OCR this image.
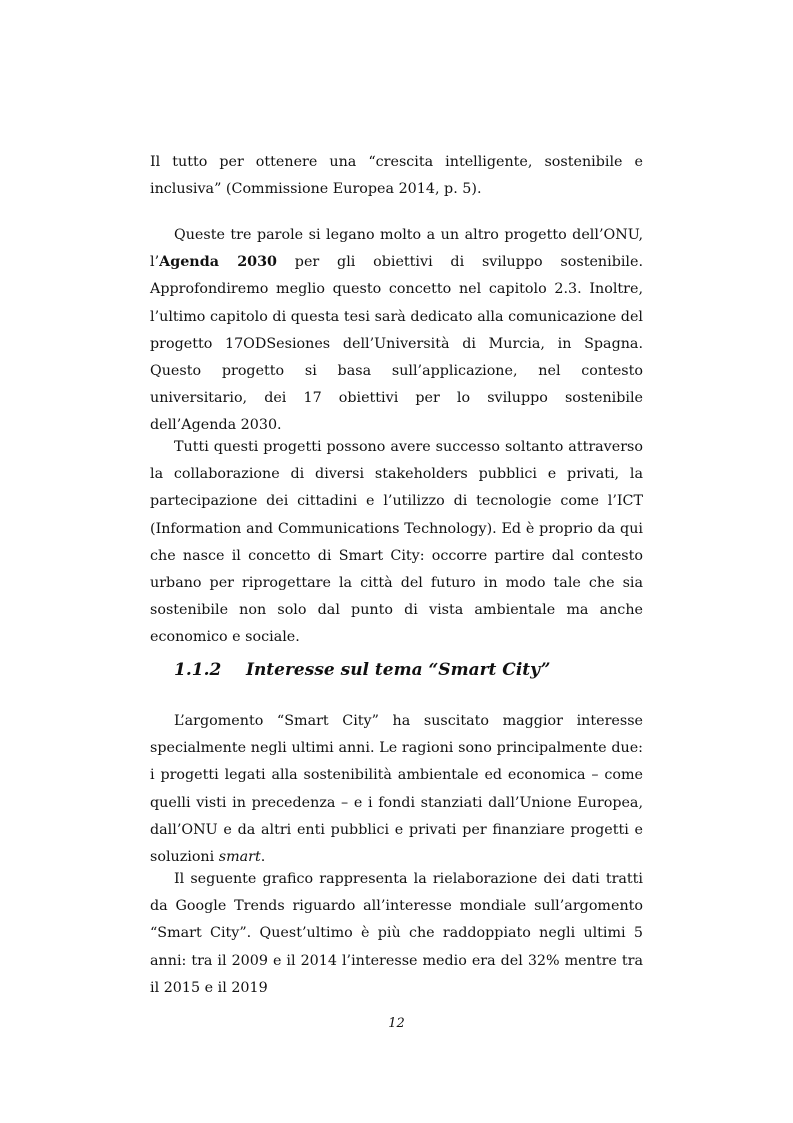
Il tutto per ottenere una “crescita intelligente, sostenibile e inclusiva” (Commissione Europea 2014, p. 5).

Queste tre parole si legano molto a un altro progetto dell’ONU, l’Agenda 2030 per gli obiettivi di sviluppo sostenibile. Approfondiremo meglio questo concetto nel capitolo 2.3. Inoltre, l’ultimo capitolo di questa tesi sarà dedicato alla comunicazione del progetto 17ODSesiones dell’Università di Murcia, in Spagna. Questo progetto si basa sull’applicazione, nel contesto universitario, dei 17 obiettivi per lo sviluppo sostenibile dell’Agenda 2030.

Tutti questi progetti possono avere successo soltanto attraverso la collaborazione di diversi stakeholders pubblici e privati, la partecipazione dei cittadini e l’utilizzo di tecnologie come l’ICT (Information and Communications Technology). Ed è proprio da qui che nasce il concetto di Smart City: occorre partire dal contesto urbano per riprogettare la città del futuro in modo tale che sia sostenibile non solo dal punto di vista ambientale ma anche economico e sociale.

1.1.2 Interesse sul tema “Smart City”

L’argomento “Smart City” ha suscitato maggior interesse specialmente negli ultimi anni. Le ragioni sono principalmente due: i progetti legati alla sostenibilità ambientale ed economica – come quelli visti in precedenza – e i fondi stanziati dall’Unione Europea, dall’ONU e da altri enti pubblici e privati per finanziare progetti e soluzioni smart.

Il seguente grafico rappresenta la rielaborazione dei dati tratti da Google Trends riguardo all’interesse mondiale sull’argomento “Smart City”. Quest’ultimo è più che raddoppiato negli ultimi 5 anni: tra il 2009 e il 2014 l’interesse medio era del 32% mentre tra il 2015 e il 2019

12
